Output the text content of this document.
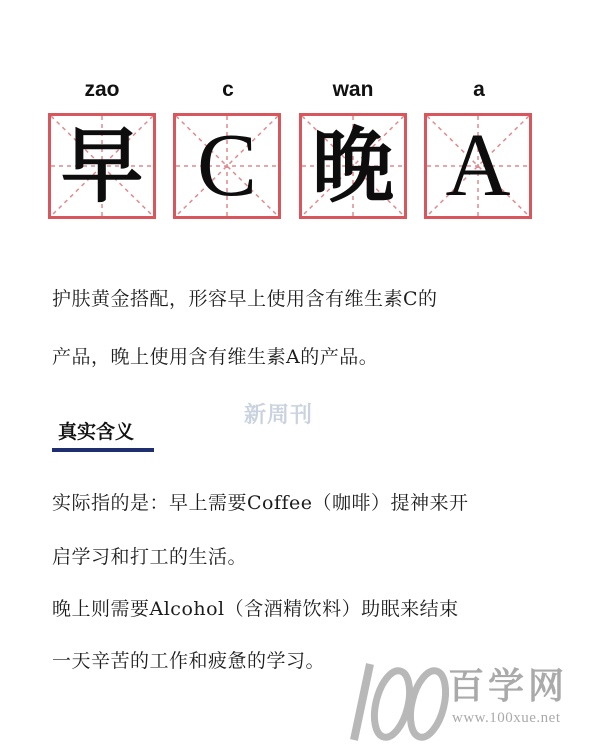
zao	c	wan	a
早 C 晚 A
护肤黄金搭配，形容早上使用含有维生素C的
产品，晚上使用含有维生素A的产品。
新周刊
真实含义
实际指的是：早上需要Coffee（咖啡）提神来开
启学习和打工的生活。
晚上则需要Alcohol（含酒精饮料）助眠来结束
一天辛苦的工作和疲惫的学习。	100
百学网
www.100xue.net
